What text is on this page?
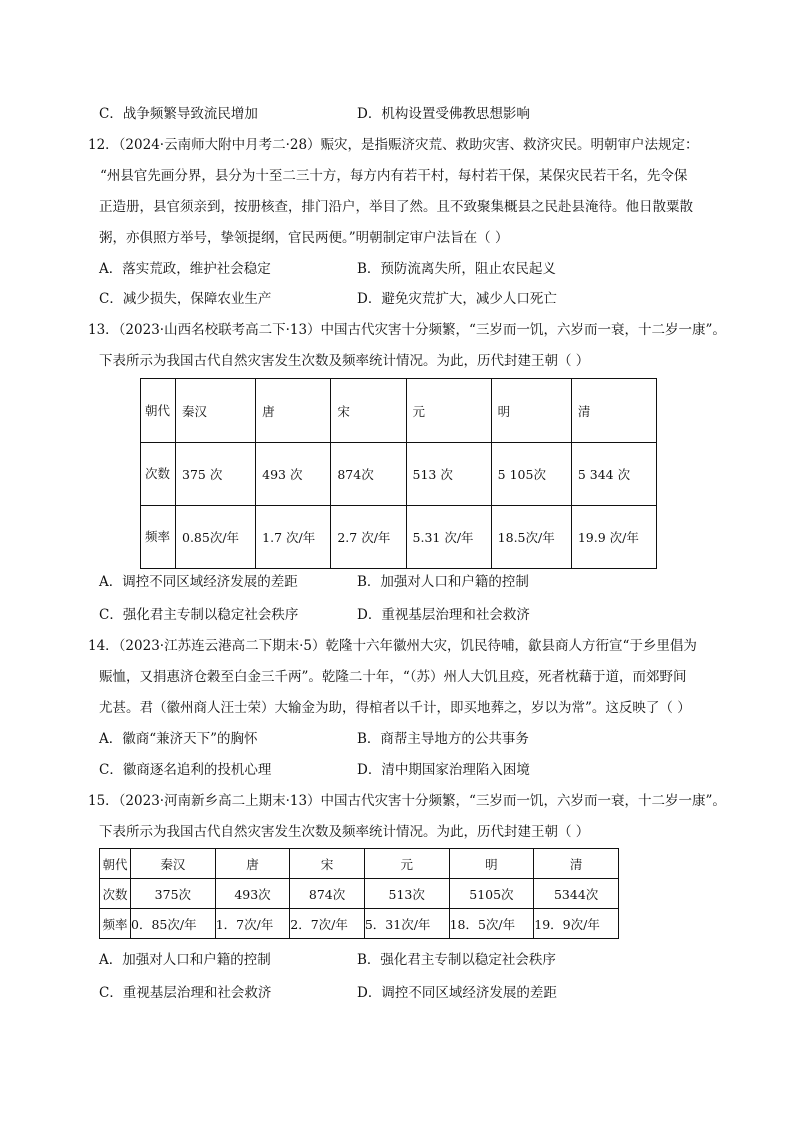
C．战争频繁导致流民增加	D．机构设置受佛教思想影响
12．（2024·云南师大附中月考二·28）赈灾，是指赈济灾荒、救助灾害、救济灾民。明朝审户法规定：
“州县官先画分界，县分为十至二三十方，每方内有若干村，每村若干保，某保灾民若干名，先令保
正造册，县官须亲到，按册核查，排门沿户，举目了然。且不致聚集概县之民赴县淹待。他日散粟散
粥，亦俱照方举号，挚领提纲，官民两便。”明朝制定审户法旨在（ ）
A．落实荒政，维护社会稳定	B．预防流离失所，阻止农民起义
C．减少损失，保障农业生产	D．避免灾荒扩大，减少人口死亡
13．（2023·山西名校联考高二下·13）中国古代灾害十分频繁，“三岁而一饥，六岁而一衰，十二岁一康”。
下表所示为我国古代自然灾害发生次数及频率统计情况。为此，历代封建王朝（ ）
朝代	秦汉	唐	宋	元	明	清
次数	375 次	493 次	874次	513 次	5 105次	5 344 次
频率	0.85次/年	1.7 次/年	2.7 次/年	5.31 次/年	18.5次/年	19.9 次/年
A．调控不同区域经济发展的差距	B．加强对人口和户籍的控制
C．强化君主专制以稳定社会秩序	D．重视基层治理和社会救济
14．（2023·江苏连云港高二下期末·5）乾隆十六年徽州大灾，饥民待哺，歙县商人方衎宣“于乡里倡为
赈恤，又捐惠济仓穀至白金三千两”。乾隆二十年，“（苏）州人大饥且疫，死者枕藉于道，而郊野间
尤甚。君（徽州商人汪士荣）大输金为助，得棺者以千计，即买地葬之，岁以为常”。这反映了（ ）
A．徽商“兼济天下”的胸怀	B．商帮主导地方的公共事务
C．徽商逐名追利的投机心理	D．清中期国家治理陷入困境
15．（2023·河南新乡高二上期末·13）中国古代灾害十分频繁，“三岁而一饥，六岁而一衰，十二岁一康”。
下表所示为我国古代自然灾害发生次数及频率统计情况。为此，历代封建王朝（ ）
朝代	秦汉	唐	宋	元	明	清
次数	375次	493次	874次	513次	5105次	5344次
频率	0．85次/年	1．7次/年	2．7次/年	5．31次/年	18．5次/年	19．9次/年
A．加强对人口和户籍的控制	B．强化君主专制以稳定社会秩序
C．重视基层治理和社会救济	D．调控不同区域经济发展的差距
